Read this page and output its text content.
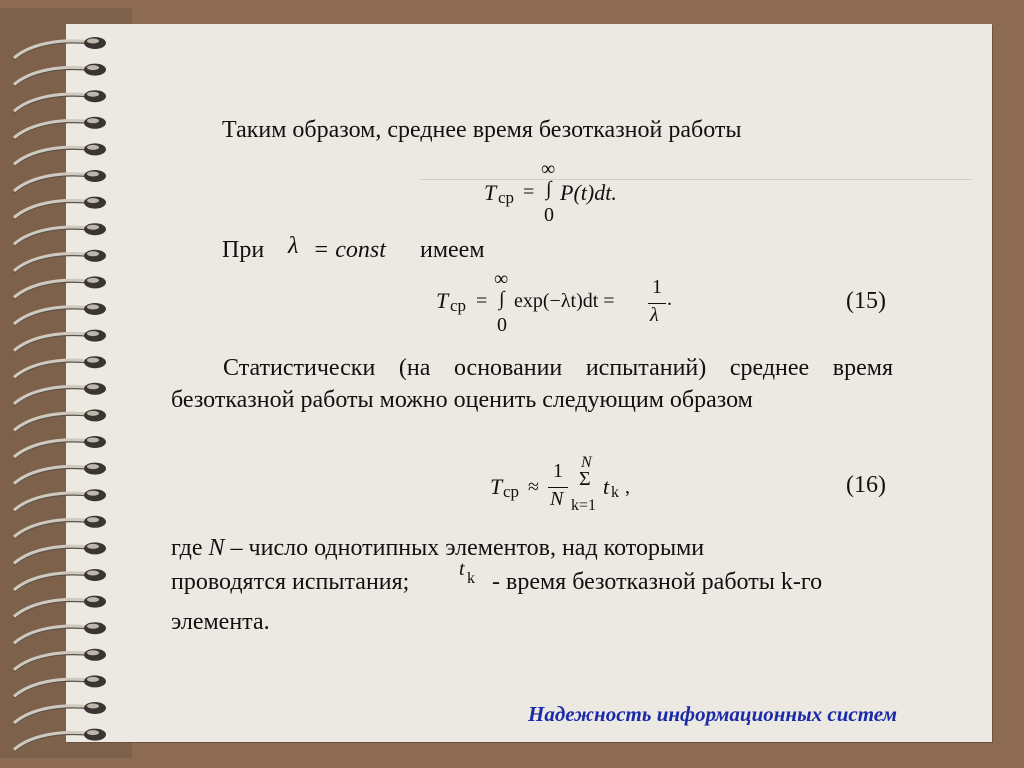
Таким образом, среднее время безотказной работы

T ср =
∞
∫
0
P(t)dt.
При λ = const имеем
T ср =
∞
∫
0
exp(−λt)dt =
1
λ
.	(15)

Статистически (на основании испытаний) среднее время безотказной работы можно оценить следующим образом

T ср ≈
1
N
N
Σ
k=1
t k ,	(16)

где N – число однотипных элементов, над которыми

проводятся испытания; t k - время безотказной работы k-го

элемента.

Надежность информационных систем
